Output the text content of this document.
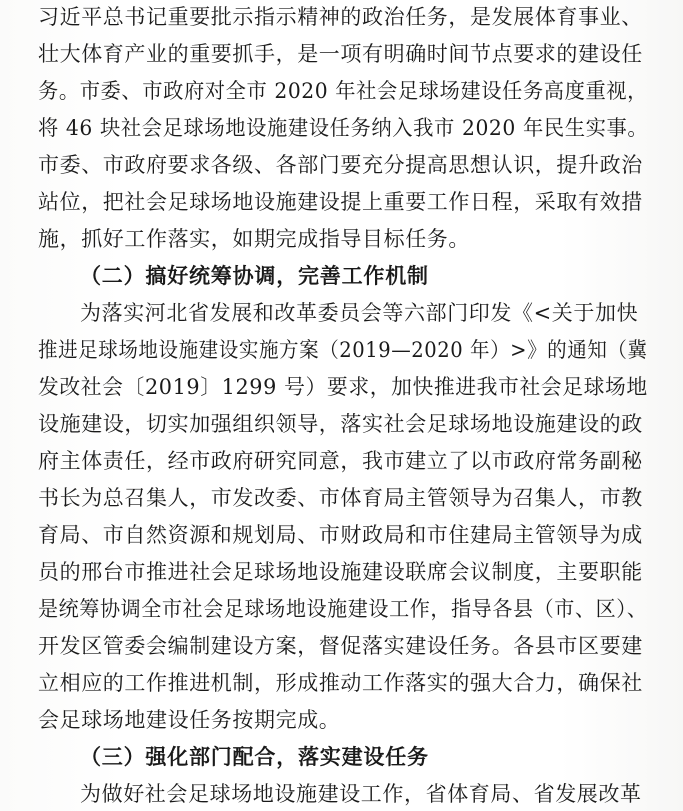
习近平总书记重要批示指示精神的政治任务，是发展体育事业、
壮大体育产业的重要抓手，是一项有明确时间节点要求的建设任
务。市委、市政府对全市 2020 年社会足球场建设任务高度重视，
将 46 块社会足球场地设施建设任务纳入我市 2020 年民生实事。
市委、市政府要求各级、各部门要充分提高思想认识，提升政治
站位，把社会足球场地设施建设提上重要工作日程，采取有效措
施，抓好工作落实，如期完成指导目标任务。
（二）搞好统筹协调，完善工作机制
为落实河北省发展和改革委员会等六部门印发《<关于加快
推进足球场地设施建设实施方案（2019—2020 年）>》的通知（冀
发改社会〔2019〕1299 号）要求，加快推进我市社会足球场地
设施建设，切实加强组织领导，落实社会足球场地设施建设的政
府主体责任，经市政府研究同意，我市建立了以市政府常务副秘
书长为总召集人，市发改委、市体育局主管领导为召集人，市教
育局、市自然资源和规划局、市财政局和市住建局主管领导为成
员的邢台市推进社会足球场地设施建设联席会议制度，主要职能
是统筹协调全市社会足球场地设施建设工作，指导各县（市、区）、
开发区管委会编制建设方案，督促落实建设任务。各县市区要建
立相应的工作推进机制，形成推动工作落实的强大合力，确保社
会足球场地建设任务按期完成。
（三）强化部门配合，落实建设任务
为做好社会足球场地设施建设工作，省体育局、省发展改革
